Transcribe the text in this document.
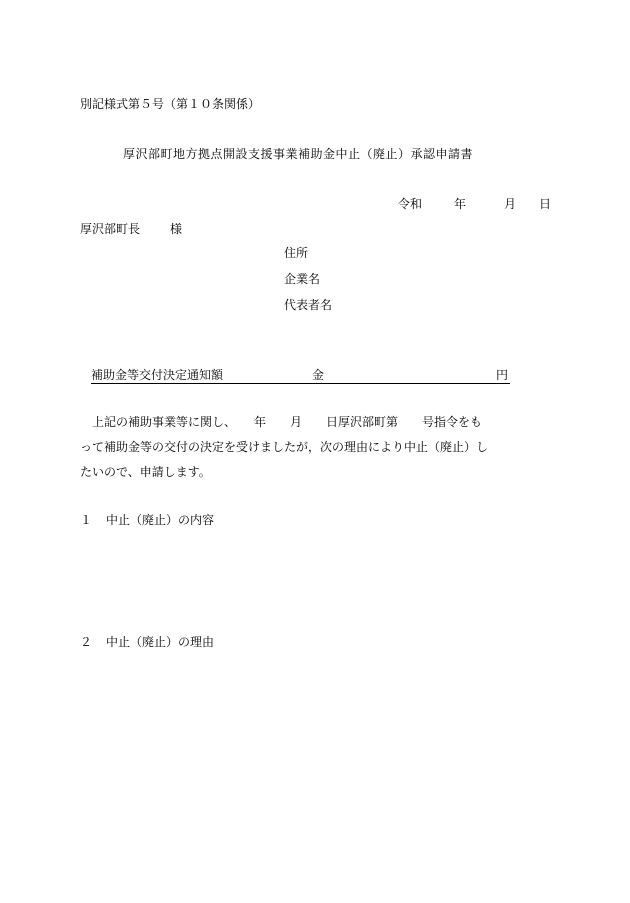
別記様式第５号（第１０条関係）
厚沢部町地方拠点開設支援事業補助金中止（廃止）承認申請書
令和	年	月 日
厚沢部町長	様
住所
企業名
代表者名
補助金等交付決定通知額	金	円

上記の補助事業等に関し、　　年　　月　　日厚沢部町第　　号指令をも

って補助金等の交付の決定を受けましたが，次の理由により中止（廃止）し

たいので、申請します。

１ 中止（廃止）の内容
２ 中止（廃止）の理由
